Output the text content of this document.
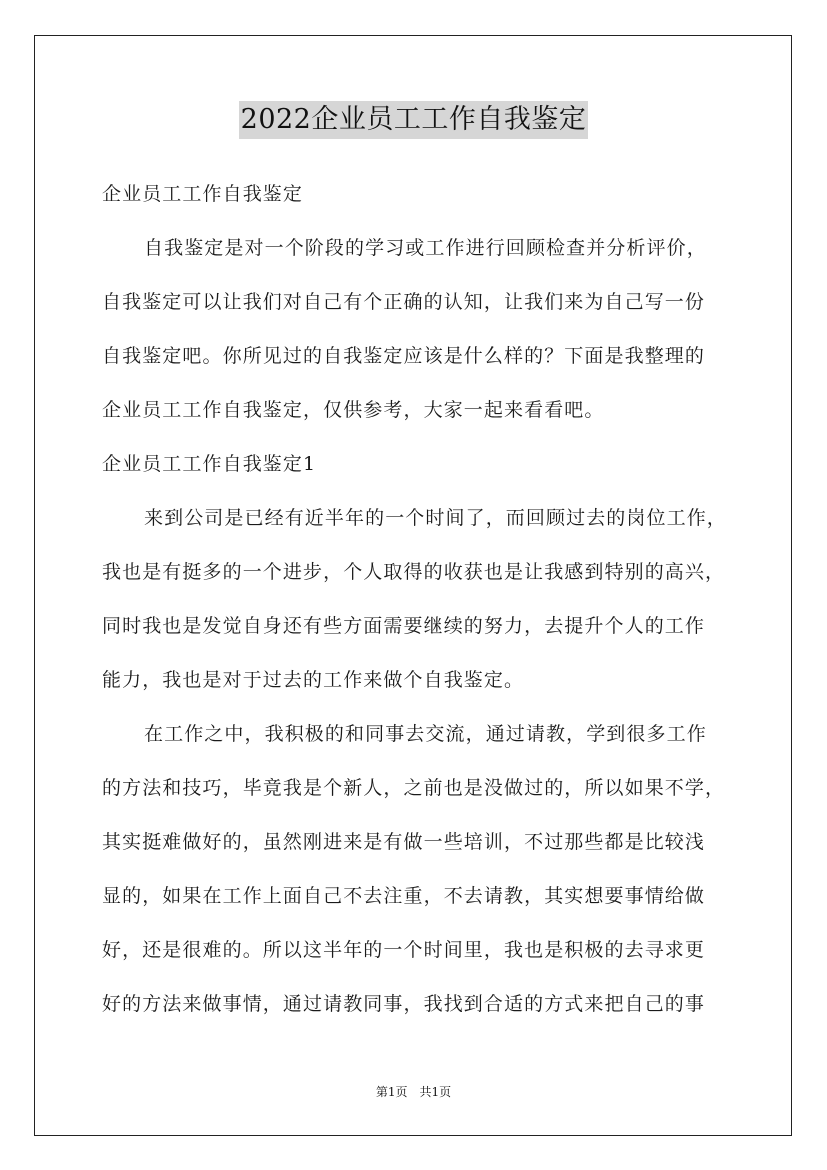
2022企业员工工作自我鉴定
企业员工工作自我鉴定
自我鉴定是对一个阶段的学习或工作进行回顾检查并分析评价，
自我鉴定可以让我们对自己有个正确的认知，让我们来为自己写一份
自我鉴定吧。你所见过的自我鉴定应该是什么样的？下面是我整理的
企业员工工作自我鉴定，仅供参考，大家一起来看看吧。
企业员工工作自我鉴定1
来到公司是已经有近半年的一个时间了，而回顾过去的岗位工作，
我也是有挺多的一个进步，个人取得的收获也是让我感到特别的高兴，
同时我也是发觉自身还有些方面需要继续的努力，去提升个人的工作
能力，我也是对于过去的工作来做个自我鉴定。
在工作之中，我积极的和同事去交流，通过请教，学到很多工作
的方法和技巧，毕竟我是个新人，之前也是没做过的，所以如果不学，
其实挺难做好的，虽然刚进来是有做一些培训，不过那些都是比较浅
显的，如果在工作上面自己不去注重，不去请教，其实想要事情给做
好，还是很难的。所以这半年的一个时间里，我也是积极的去寻求更
好的方法来做事情，通过请教同事，我找到合适的方式来把自己的事
第1页　共1页
